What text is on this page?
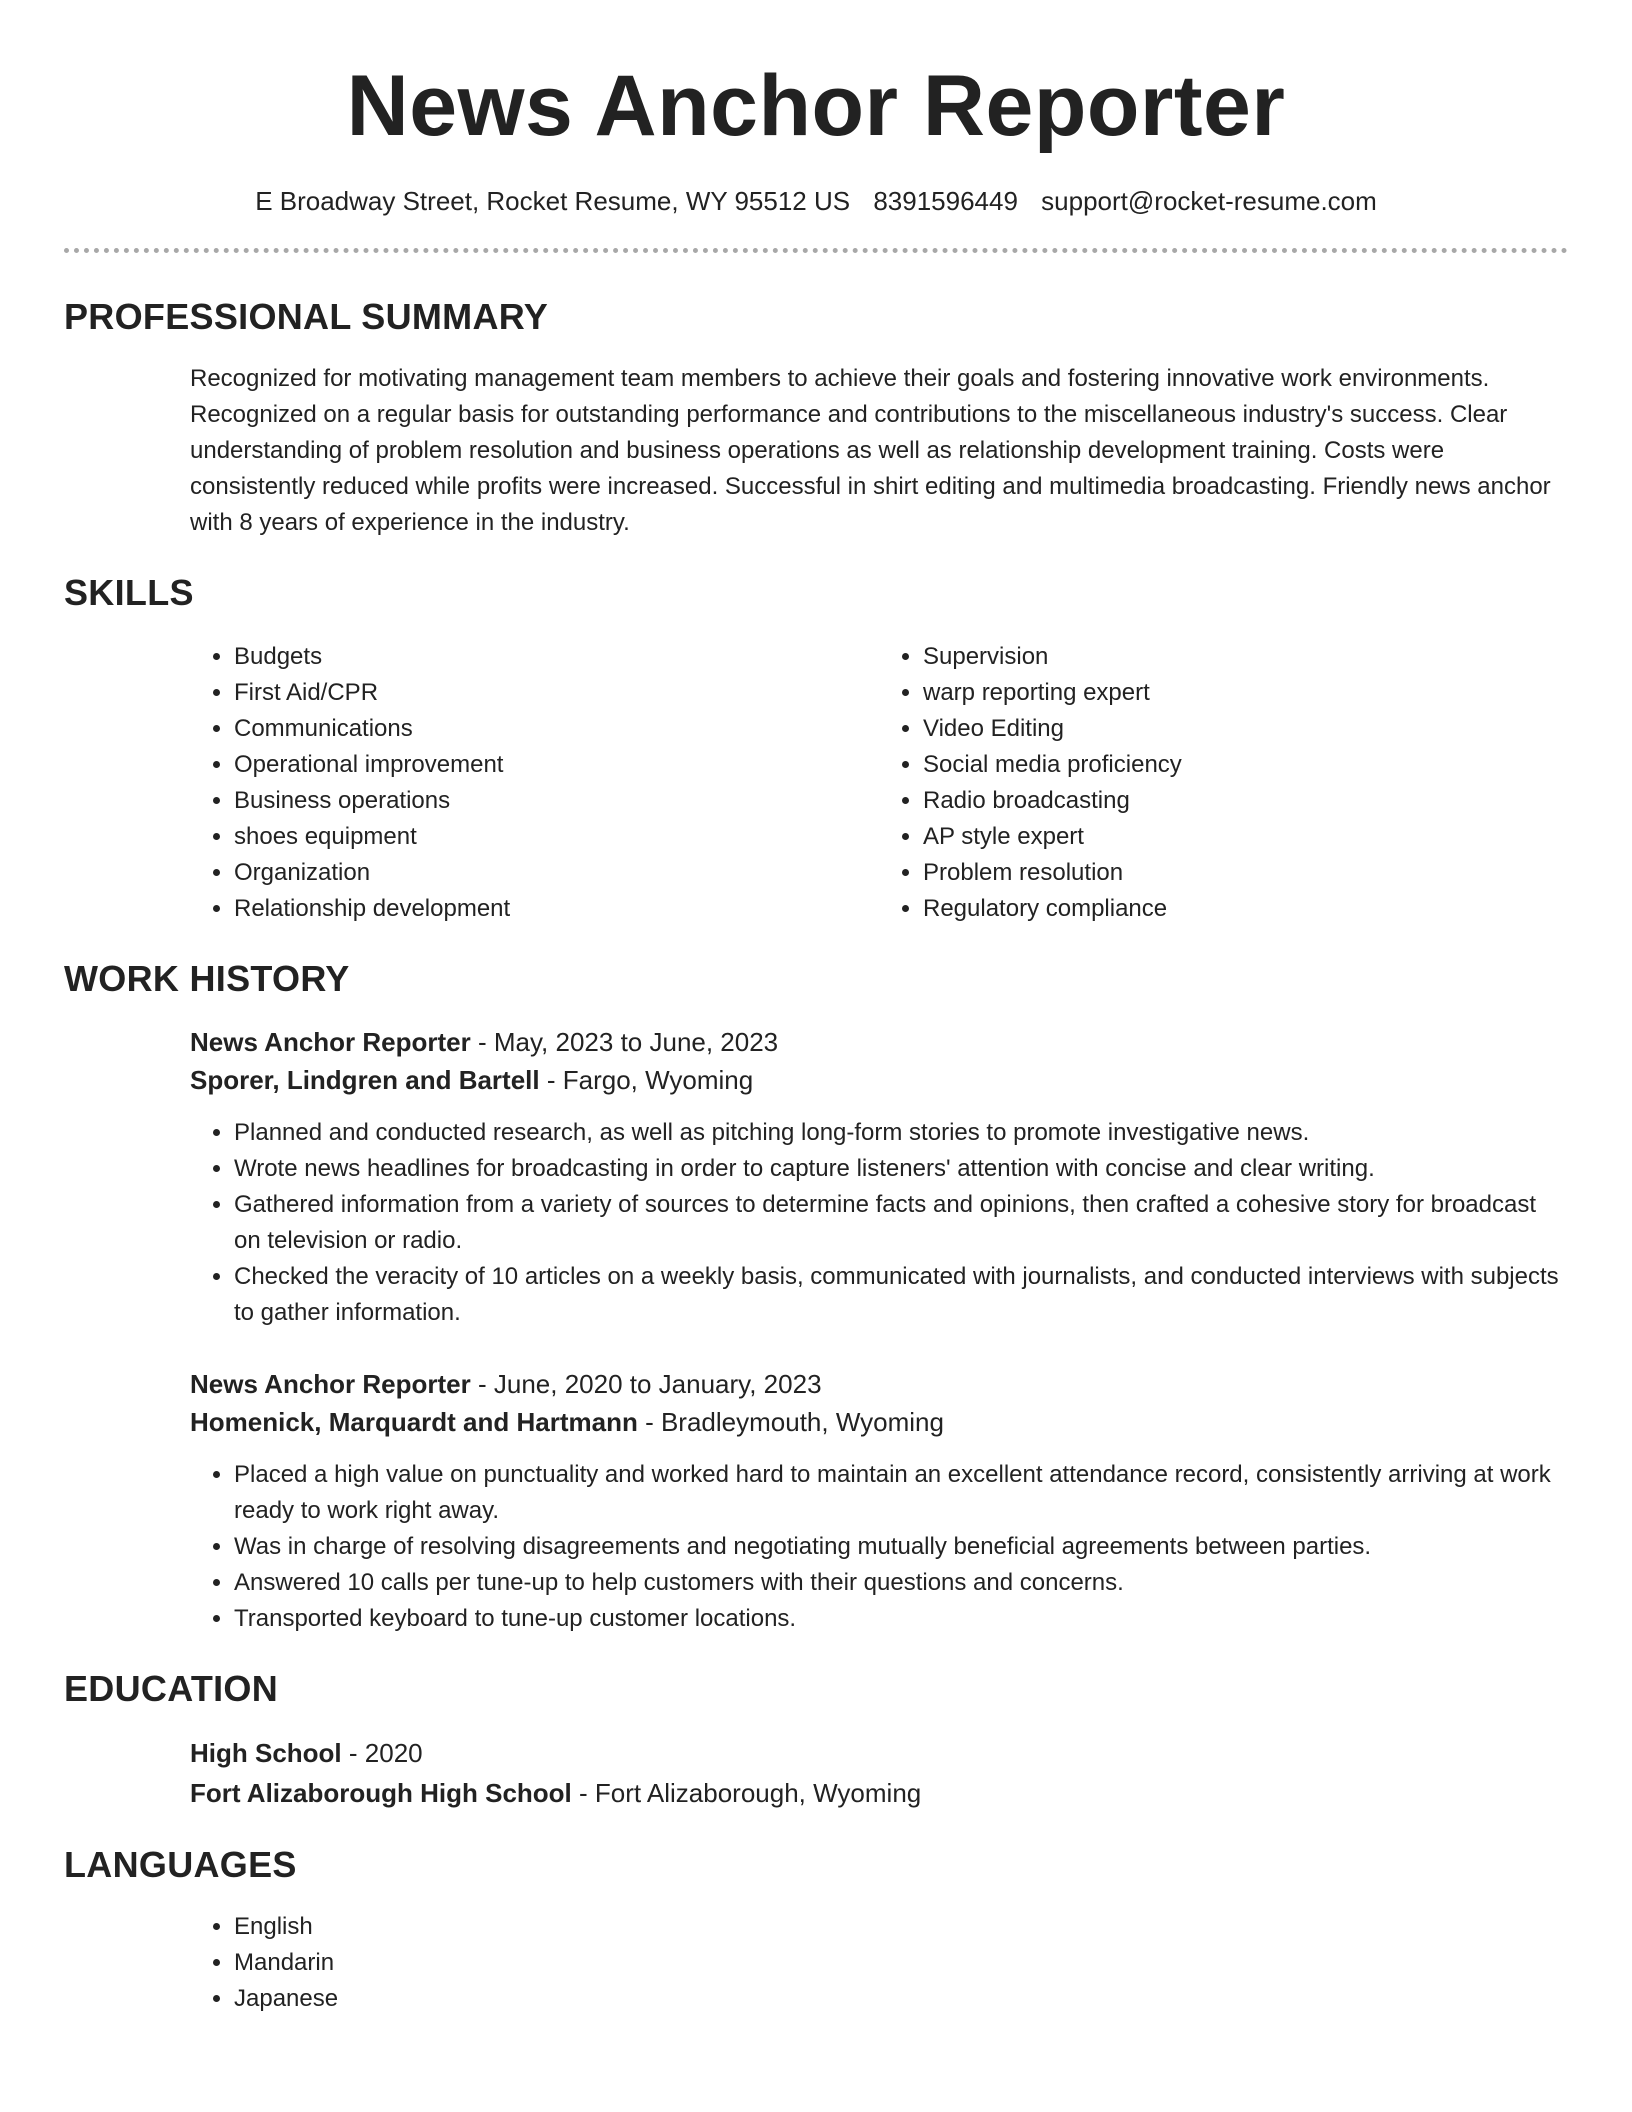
News Anchor Reporter
E Broadway Street, Rocket Resume, WY 95512 US 8391596449 support@rocket-resume.com
PROFESSIONAL SUMMARY
Recognized for motivating management team members to achieve their goals and fostering innovative work environments. Recognized on a regular basis for outstanding performance and contributions to the miscellaneous industry's success. Clear understanding of problem resolution and business operations as well as relationship development training. Costs were consistently reduced while profits were increased. Successful in shirt editing and multimedia broadcasting. Friendly news anchor with 8 years of experience in the industry.
SKILLS
• Budgets
• First Aid/CPR
• Communications
• Operational improvement
• Business operations
• shoes equipment
• Organization
• Relationship development
• Supervision
• warp reporting expert
• Video Editing
• Social media proficiency
• Radio broadcasting
• AP style expert
• Problem resolution
• Regulatory compliance
WORK HISTORY
News Anchor Reporter - May, 2023 to June, 2023
Sporer, Lindgren and Bartell - Fargo, Wyoming
• Planned and conducted research, as well as pitching long-form stories to promote investigative news.
• Wrote news headlines for broadcasting in order to capture listeners' attention with concise and clear writing.
• Gathered information from a variety of sources to determine facts and opinions, then crafted a cohesive story for broadcast on television or radio.
• Checked the veracity of 10 articles on a weekly basis, communicated with journalists, and conducted interviews with subjects to gather information.
News Anchor Reporter - June, 2020 to January, 2023
Homenick, Marquardt and Hartmann - Bradleymouth, Wyoming
• Placed a high value on punctuality and worked hard to maintain an excellent attendance record, consistently arriving at work ready to work right away.
• Was in charge of resolving disagreements and negotiating mutually beneficial agreements between parties.
• Answered 10 calls per tune-up to help customers with their questions and concerns.
• Transported keyboard to tune-up customer locations.
EDUCATION
High School - 2020
Fort Alizaborough High School - Fort Alizaborough, Wyoming
LANGUAGES
• English
• Mandarin
• Japanese
